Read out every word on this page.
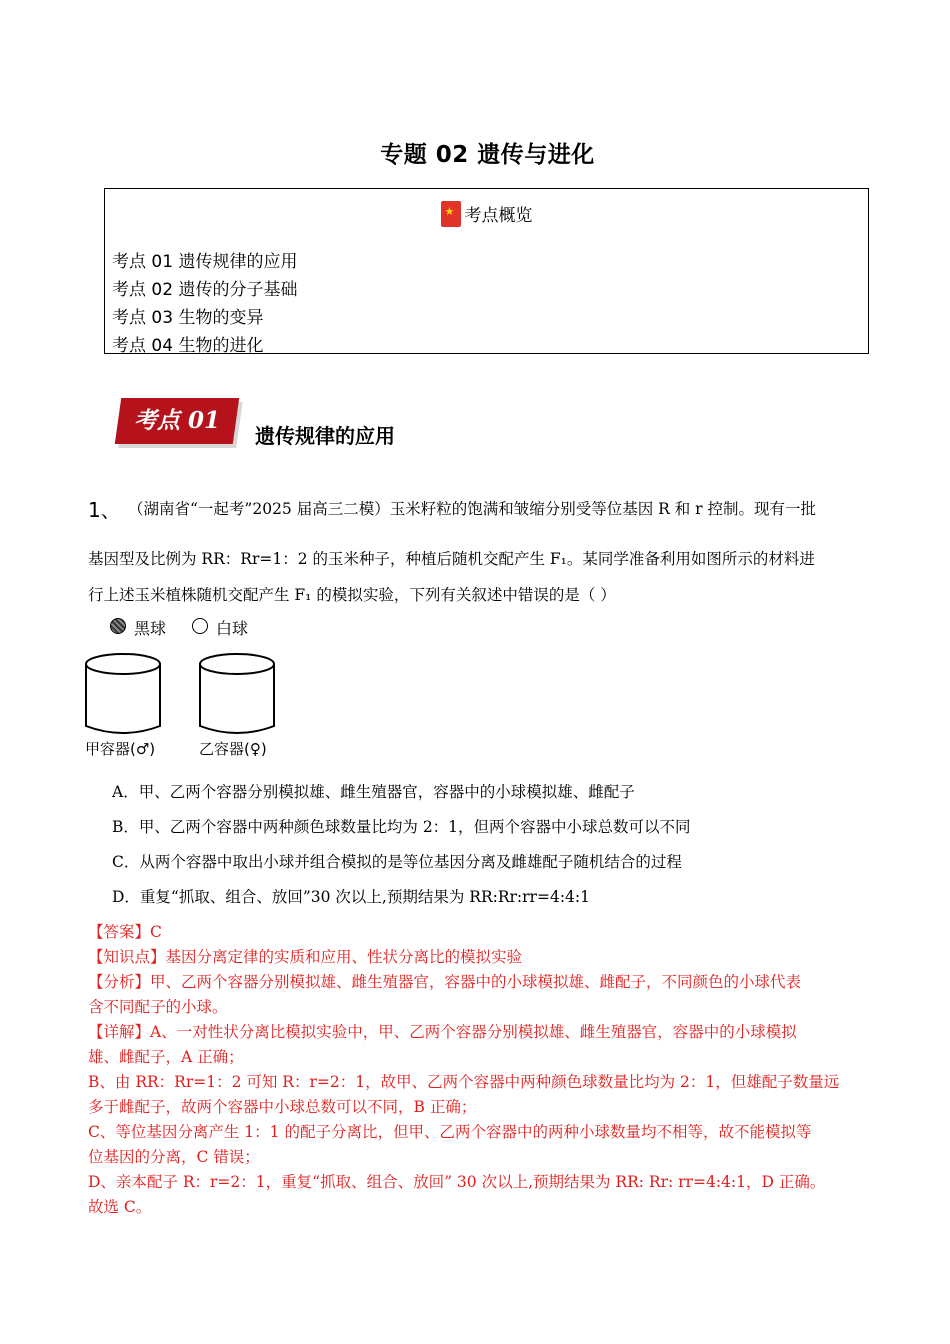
专题 02 遗传与进化
★考点概览
考点 01 遗传规律的应用
考点 02 遗传的分子基础
考点 03 生物的变异
考点 04 生物的进化
考点 01
遗传规律的应用
1、 （湖南省“一起考”2025 届高三二模）玉米籽粒的饱满和皱缩分别受等位基因 R 和 r 控制。现有一批
基因型及比例为 RR：Rr=1：2 的玉米种子，种植后随机交配产生 F₁。某同学准备利用如图所示的材料进
行上述玉米植株随机交配产生 F₁ 的模拟实验，下列有关叙述中错误的是（ ）
黑球	白球
甲容器(♂)	乙容器(♀)
A．甲、乙两个容器分别模拟雄、雌生殖器官，容器中的小球模拟雄、雌配子
B．甲、乙两个容器中两种颜色球数量比均为 2：1，但两个容器中小球总数可以不同
C．从两个容器中取出小球并组合模拟的是等位基因分离及雌雄配子随机结合的过程
D．重复“抓取、组合、放回”30 次以上,预期结果为 RR:Rr:rr=4:4:1
【答案】C
【知识点】基因分离定律的实质和应用、性状分离比的模拟实验
【分析】甲、乙两个容器分别模拟雄、雌生殖器官，容器中的小球模拟雄、雌配子，不同颜色的小球代表
含不同配子的小球。
【详解】A、一对性状分离比模拟实验中，甲、乙两个容器分别模拟雄、雌生殖器官，容器中的小球模拟
雄、雌配子，A 正确；
B、由 RR：Rr=1：2 可知 R：r=2：1，故甲、乙两个容器中两种颜色球数量比均为 2：1，但雄配子数量远
多于雌配子，故两个容器中小球总数可以不同，B 正确；
C、等位基因分离产生 1：1 的配子分离比，但甲、乙两个容器中的两种小球数量均不相等，故不能模拟等
位基因的分离，C 错误；
D、亲本配子 R：r=2：1，重复“抓取、组合、放回” 30 次以上,预期结果为 RR: Rr: rr=4:4:1，D 正确。
故选 C。
